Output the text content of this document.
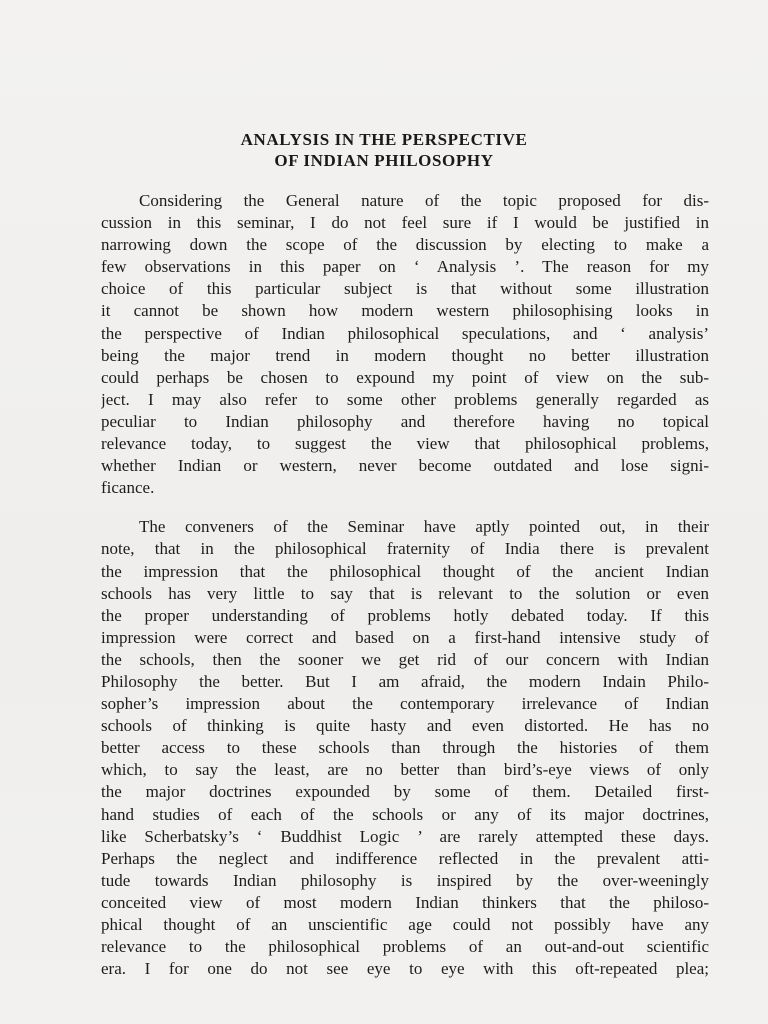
ANALYSIS IN THE PERSPECTIVE
OF INDIAN PHILOSOPHY
Considering the General nature of the topic proposed for dis-
cussion in this seminar, I do not feel sure if I would be justified in
narrowing down the scope of the discussion by electing to make a
few observations in this paper on ‘ Analysis ’. The reason for my
choice of this particular subject is that without some illustration
it cannot be shown how modern western philosophising looks in
the perspective of Indian philosophical speculations, and ‘ analysis’
being the major trend in modern thought no better illustration
could perhaps be chosen to expound my point of view on the sub-
ject. I may also refer to some other problems generally regarded as
peculiar to Indian philosophy and therefore having no topical
relevance today, to suggest the view that philosophical problems,
whether Indian or western, never become outdated and lose signi-
ficance.
The conveners of the Seminar have aptly pointed out, in their
note, that in the philosophical fraternity of India there is prevalent
the impression that the philosophical thought of the ancient Indian
schools has very little to say that is relevant to the solution or even
the proper understanding of problems hotly debated today. If this
impression were correct and based on a first-hand intensive study of
the schools, then the sooner we get rid of our concern with Indian
Philosophy the better. But I am afraid, the modern Indain Philo-
sopher’s impression about the contemporary irrelevance of Indian
schools of thinking is quite hasty and even distorted. He has no
better access to these schools than through the histories of them
which, to say the least, are no better than bird’s-eye views of only
the major doctrines expounded by some of them. Detailed first-
hand studies of each of the schools or any of its major doctrines,
like Scherbatsky’s ‘ Buddhist Logic ’ are rarely attempted these days.
Perhaps the neglect and indifference reflected in the prevalent atti-
tude towards Indian philosophy is inspired by the over-weeningly
conceited view of most modern Indian thinkers that the philoso-
phical thought of an unscientific age could not possibly have any
relevance to the philosophical problems of an out-and-out scientific
era. I for one do not see eye to eye with this oft-repeated plea;
